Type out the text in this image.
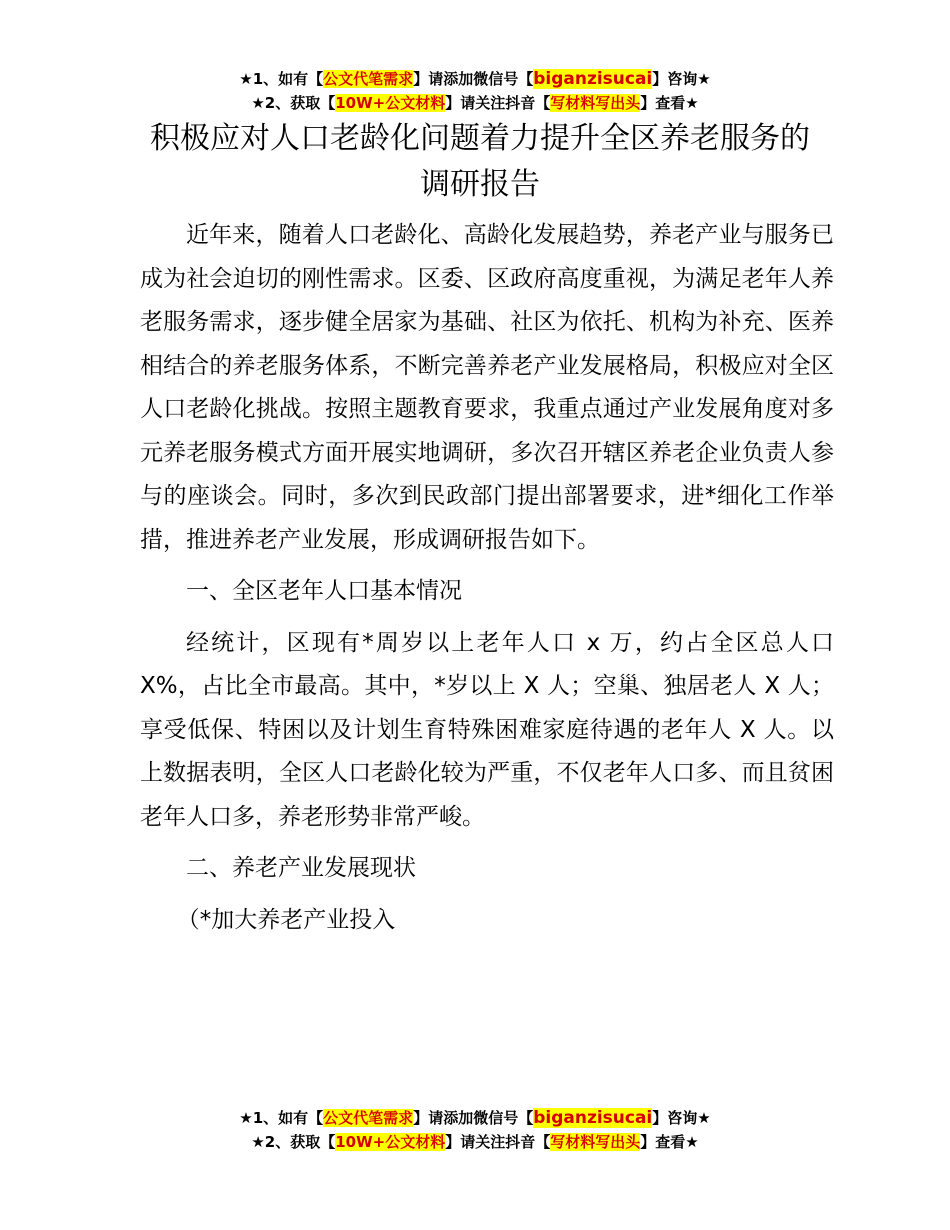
★1、如有【公文代笔需求】请添加微信号【biganzisucai】咨询★
★2、获取【10W+公文材料】请关注抖音【写材料写出头】查看★
积极应对人口老龄化问题着力提升全区养老服务的调研报告

近年来，随着人口老龄化、高龄化发展趋势，养老产业与服务已成为社会迫切的刚性需求。区委、区政府高度重视，为满足老年人养老服务需求，逐步健全居家为基础、社区为依托、机构为补充、医养相结合的养老服务体系，不断完善养老产业发展格局，积极应对全区人口老龄化挑战。按照主题教育要求，我重点通过产业发展角度对多元养老服务模式方面开展实地调研，多次召开辖区养老企业负责人参与的座谈会。同时，多次到民政部门提出部署要求，进*细化工作举措，推进养老产业发展，形成调研报告如下。

一、全区老年人口基本情况

经统计，区现有*周岁以上老年人口 x 万，约占全区总人口 X%，占比全市最高。其中，*岁以上 X 人；空巢、独居老人 X 人；享受低保、特困以及计划生育特殊困难家庭待遇的老年人 X 人。以上数据表明，全区人口老龄化较为严重，不仅老年人口多、而且贫困老年人口多，养老形势非常严峻。

二、养老产业发展现状

（*加大养老产业投入

★1、如有【公文代笔需求】请添加微信号【biganzisucai】咨询★
★2、获取【10W+公文材料】请关注抖音【写材料写出头】查看★
